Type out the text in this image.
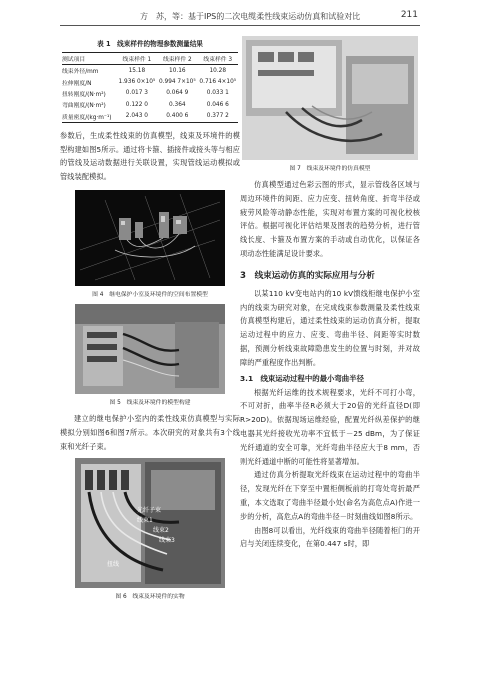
方　苏，等：基于IPS的二次电缆柔性线束运动仿真和试验对比	211
表 1　线束样件的物理参数测量结果
测试项目	线束样件 1	线束样件 2	线束样件 3
线束外径/mm	15.18	10.16	10.28
拉伸刚度/N	1.936 0×10⁵	0.994 7×10⁵	0.716 4×10⁵
扭转刚度/(N·m²)	0.017 3	0.064 9	0.033 1
弯曲刚度/(N·m²)	0.122 0	0.364	0.046 6
质量密度/(kg·m⁻¹)	2.043 0	0.400 6	0.377 2

参数后，生成柔性线束的仿真模型，线束及环境件的模型构建如图5所示。通过将卡箍、插接件或接头等与相应的管线及运动数据进行关联设置，实现管线运动模拟或管线装配模拟。

图 4　继电保护小室及环境件的空间布置模型
图 5　线束及环境件的模型构建

建立的继电保护小室内的柔性线束仿真模型与实际模拟分别如图6和图7所示。本次研究的对象共有3个线束和光纤子束。

光纤子束
线束1
线束2
线束3
扭线
图 6　线束及环境件的实物
图 7　线束及环境件的仿真模型

仿真模型通过色彩云图的形式，显示管线各区域与周边环境件的间距、应力应变、扭转角度、折弯半径或疲劳风险等动静态性能，实现对布置方案的可视化校核评估。根据可视化评估结果及图表的趋势分析，进行管线长度、卡箍及布置方案的手动或自动优化，以保证各项动态性能满足设计要求。

3　线束运动仿真的实际应用与分析

以某110 kV变电站内的10 kV馈线柜继电保护小室内的线束为研究对象，在完成线束参数测量及柔性线束仿真模型构建后，通过柔性线束的运动仿真分析，提取运动过程中的应力、应变、弯曲半径、间距等实时数据，预测分析线束故障隐患发生的位置与时刻，并对故障的严重程度作出判断。

3.1　线束运动过程中的最小弯曲半径

根据光纤运维的技术规程要求，光纤不可打小弯，不可对折，曲率半径R必须大于20倍的光纤直径D(即R>20D)。依据现场运维经验，配置光纤纵差保护的继电器其光纤接收光功率不宜低于－25 dBm，为了保证光纤通道的安全可靠，光纤弯曲半径应大于8 mm，否则光纤通道中断的可能性将显著增加。

通过仿真分析提取光纤线束在运动过程中的弯曲半径，发现光纤在下穿至中置柜侧板前的打弯处弯折最严重，本文选取了弯曲半径最小处(命名为高危点A)作进一步的分析，高危点A的弯曲半径－时刻曲线如图8所示。

由图8可以看出，光纤线束的弯曲半径随着柜门的开启与关闭连续变化，在第0.447 s时，即
